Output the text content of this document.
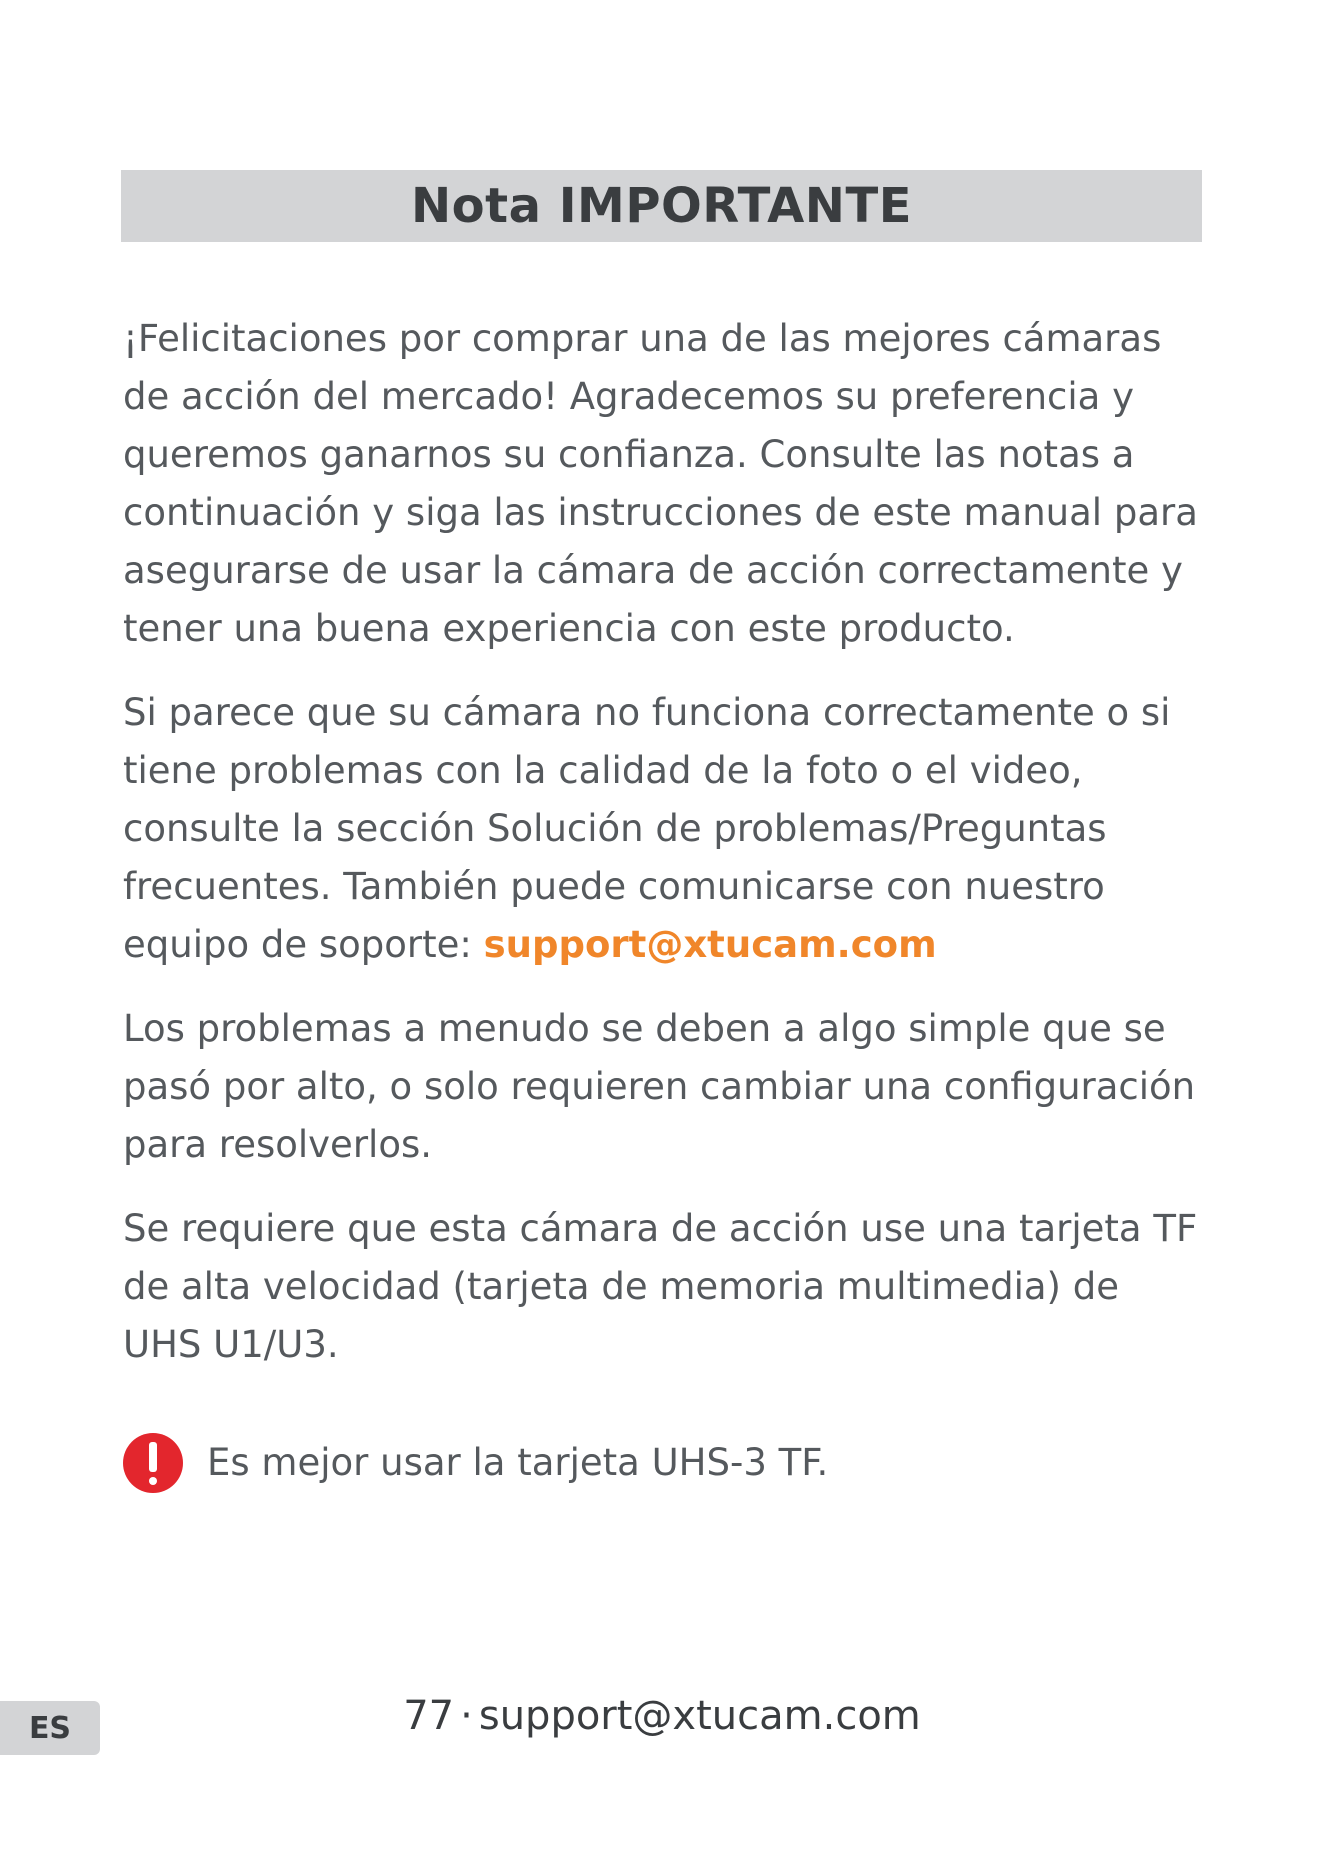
Nota IMPORTANTE

¡Felicitaciones por comprar una de las mejores cámaras de acción del mercado! Agradecemos su preferencia y queremos ganarnos su confianza. Consulte las notas a continuación y siga las instrucciones de este manual para asegurarse de usar la cámara de acción correctamente y tener una buena experiencia con este producto.

Si parece que su cámara no funciona correctamente o si tiene problemas con la calidad de la foto o el video, consulte la sección Solución de problemas/Preguntas frecuentes. También puede comunicarse con nuestro equipo de soporte: support@xtucam.com

Los problemas a menudo se deben a algo simple que se pasó por alto, o solo requieren cambiar una configuración para resolverlos.

Se requiere que esta cámara de acción use una tarjeta TF de alta velocidad (tarjeta de memoria multimedia) de UHS U1/U3.

Es mejor usar la tarjeta UHS-3 TF.
ES	77 · support@xtucam.com
